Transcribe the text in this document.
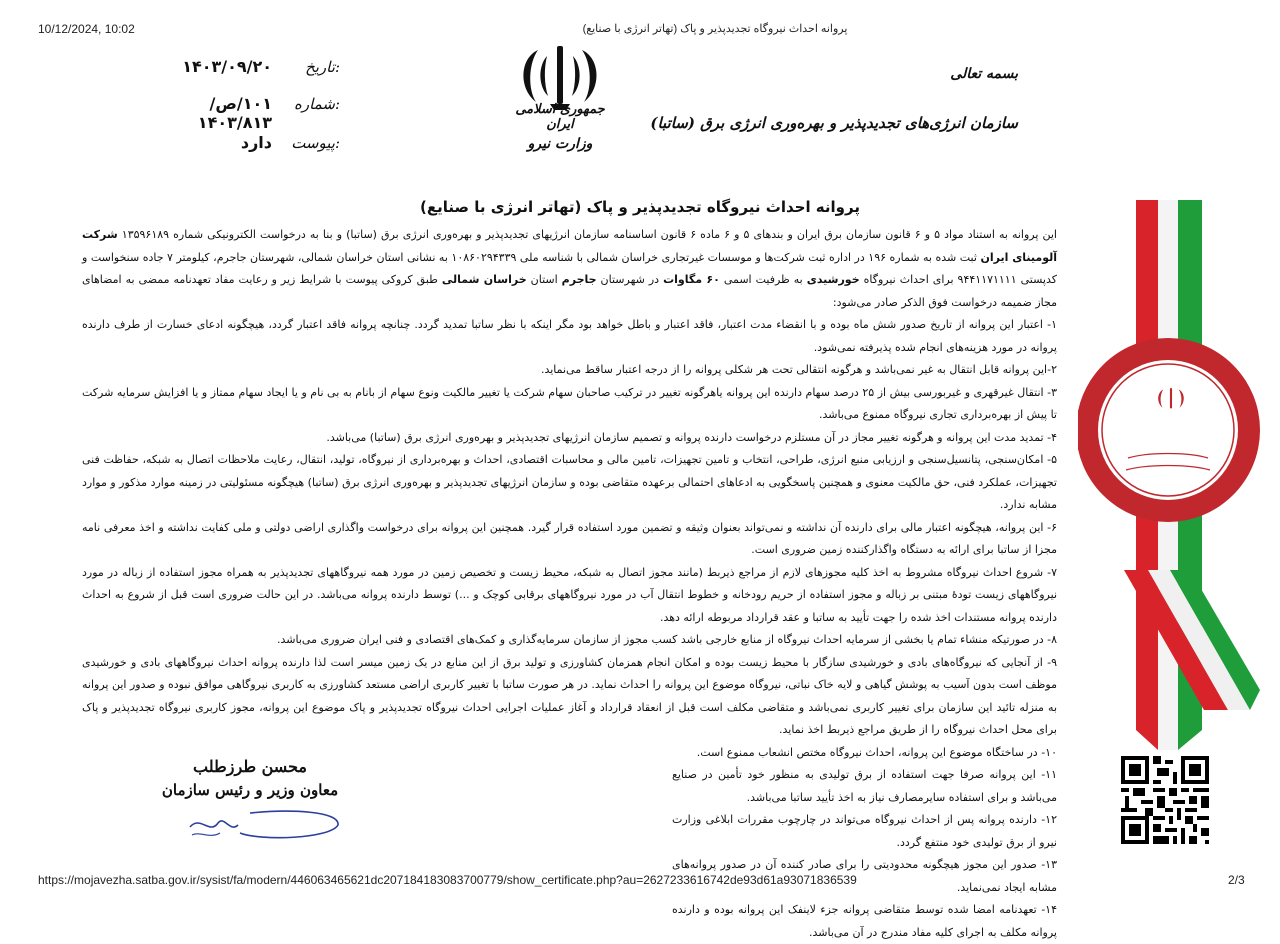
10/12/2024, 10:02	پروانه احداث نیروگاه تجدیدپذیر و پاک (تهاتر انرژی با صنایع)
تاریخ:
۱۴۰۳/۰۹/۲۰
شماره:
۱۰۱/ص/۱۴۰۳/۸۱۳
پیوست:
دارد
جمهوری اسلامی ایران
وزارت نیرو
بسمه تعالی
سازمان انرژی‌های تجدیدپذیر و بهره‌وری انرژی برق (ساتبا)
پروانه احداث نیروگاه تجدیدپذیر و پاک (تهاتر انرژی با صنایع)

این پروانه به استناد مواد ۵ و ۶ قانون سازمان برق ایران و بندهای ۵ و ۶ ماده ۶ قانون اساسنامه سازمان انرژیهای تجدیدپذیر و بهره‌وری انرژی برق (ساتبا) و بنا به درخواست الکترونیکی شماره ۱۳۵۹۶۱۸۹ شرکت آلومینای ایران ثبت شده به شماره ۱۹۶ در اداره ثبت شرکت‌ها و موسسات غیرتجاری خراسان شمالی با شناسه ملی ۱۰۸۶۰۲۹۴۳۳۹ به نشانی استان خراسان شمالی، شهرستان جاجرم، کیلومتر ۷ جاده سنخواست و کدپستی ۹۴۴۱۱۷۱۱۱۱ برای احداث نیروگاه خورشیدی به ظرفیت اسمی ۶۰ مگاوات در شهرستان جاجرم استان خراسان شمالی طبق کروکی پیوست با شرایط زیر و رعایت مفاد تعهدنامه ممضی به امضاهای مجاز ضمیمه درخواست فوق الذکر صادر می‌شود:

۱- اعتبار این پروانه از تاریخ صدور شش ماه بوده و با انقضاء مدت اعتبار، فاقد اعتبار و باطل خواهد بود مگر اینکه با نظر ساتبا تمدید گردد. چنانچه پروانه فاقد اعتبار گردد، هیچگونه ادعای خسارت از طرف دارنده پروانه در مورد هزینه‌های انجام شده پذیرفته نمی‌شود.

۲-این پروانه قابل انتقال به غیر نمی‌باشد و هرگونه انتقالی تحت هر شکلی پروانه را از درجه اعتبار ساقط می‌نماید.

۳- انتقال غیرقهری و غیربورسی بیش از ۲۵ درصد سهام دارنده این پروانه یاهرگونه تغییر در ترکیب صاحبان سهام شرکت یا تغییر مالکیت ونوع سهام از بانام به بی نام و یا ایجاد سهام ممتاز و یا افزایش سرمایه شرکت تا پیش از بهره‌برداری تجاری نیروگاه ممنوع می‌باشد.

۴- تمدید مدت این پروانه و هرگونه تغییر مجاز در آن مستلزم درخواست دارنده پروانه و تصمیم سازمان انرژیهای تجدیدپذیر و بهره‌وری انرژی برق (ساتبا) می‌باشد.

۵- امکان‌سنجی، پتانسیل‌سنجی و ارزیابی منبع انرژی، طراحی، انتخاب و تامین تجهیزات، تامین مالی و محاسبات اقتصادی، احداث و بهره‌برداری از نیروگاه، تولید، انتقال، رعایت ملاحظات اتصال به شبکه، حفاظت فنی تجهیزات، عملکرد فنی، حق مالکیت معنوی و همچنین پاسخگویی به ادعاهای احتمالی برعهده متقاضی بوده و سازمان انرژیهای تجدیدپذیر و بهره‌وری انرژی برق (ساتبا) هیچگونه مسئولیتی در زمینه موارد مذکور و موارد مشابه ندارد.

۶- این پروانه، هیچگونه اعتبار مالی برای دارنده آن نداشته و نمی‌تواند بعنوان وثیقه و تضمین مورد استفاده قرار گیرد. همچنین این پروانه برای درخواست واگذاری اراضی دولتی و ملی کفایت نداشته و اخذ معرفی نامه مجزا از ساتبا برای ارائه به دستگاه واگذارکننده زمین ضروری است.

۷- شروع احداث نیروگاه مشروط به اخذ کلیه مجوزهای لازم از مراجع ذیربط (مانند مجوز اتصال به شبکه، محیط زیست و تخصیص زمین در مورد همه نیروگاههای تجدیدپذیر به همراه مجوز استفاده از زباله در مورد نیروگاههای زیست تودهٔ مبتنی بر زباله و مجوز استفاده از حریم رودخانه و خطوط انتقال آب در مورد نیروگاههای برقابی کوچک و ...) توسط دارنده پروانه می‌باشد. در این حالت ضروری است قبل از شروع به احداث دارنده پروانه مستندات اخذ شده را جهت تأیید به ساتبا و عقد قرارداد مربوطه ارائه دهد.

۸- در صورتیکه منشاء تمام یا بخشی از سرمایه احداث نیروگاه از منابع خارجی باشد کسب مجوز از سازمان سرمایه‌گذاری و کمک‌های اقتصادی و فنی ایران ضروری می‌باشد.

۹- از آنجایی که نیروگاه‌های بادی و خورشیدی سازگار با محیط زیست بوده و امکان انجام همزمان کشاورزی و تولید برق از این منابع در یک زمین میسر است لذا دارنده پروانه احداث نیروگاههای بادی و خورشیدی موظف است بدون آسیب به پوشش گیاهی و لایه خاک نباتی، نیروگاه موضوع این پروانه را احداث نماید. در هر صورت ساتبا با تغییر کاربری اراضی مستعد کشاورزی به کاربری نیروگاهی موافق نبوده و صدور این پروانه به منزله تائید این سازمان برای تغییر کاربری نمی‌باشد و متقاضی مکلف است قبل از انعقاد قرارداد و آغاز عملیات اجرایی احداث نیروگاه تجدیدپذیر و پاک موضوع این پروانه، مجوز کاربری نیروگاه تجدیدپذیر و پاک برای محل احداث نیروگاه را از طریق مراجع ذیربط اخذ نماید.

۱۰- در ساختگاه موضوع این پروانه، احداث نیروگاه مختص انشعاب ممنوع است.

۱۱- این پروانه صرفا جهت استفاده از برق تولیدی به منظور خود تأمین در صنایع می‌باشد و برای استفاده سایرمصارف نیاز به اخذ تأیید ساتبا می‌باشد.

۱۲- دارنده پروانه پس از احداث نیروگاه می‌تواند در چارچوب مقررات ابلاغی وزارت نیرو از برق تولیدی خود منتفع گردد.

۱۳- صدور این مجوز هیچگونه محدودیتی را برای صادر کننده آن در صدور پروانه‌های مشابه ایجاد نمی‌نماید.

۱۴- تعهدنامه امضا شده توسط متقاضی پروانه جزء لاینفک این پروانه بوده و دارنده پروانه مکلف به اجرای کلیه مفاد مندرج در آن می‌باشد.

محسن طرزطلب
معاون وزیر و رئیس سازمان
https://mojavezha.satba.gov.ir/sysist/fa/modern/446063465621dc207184183083700779/show_certificate.php?au=2627233616742de93d61a93071836539	2/3
